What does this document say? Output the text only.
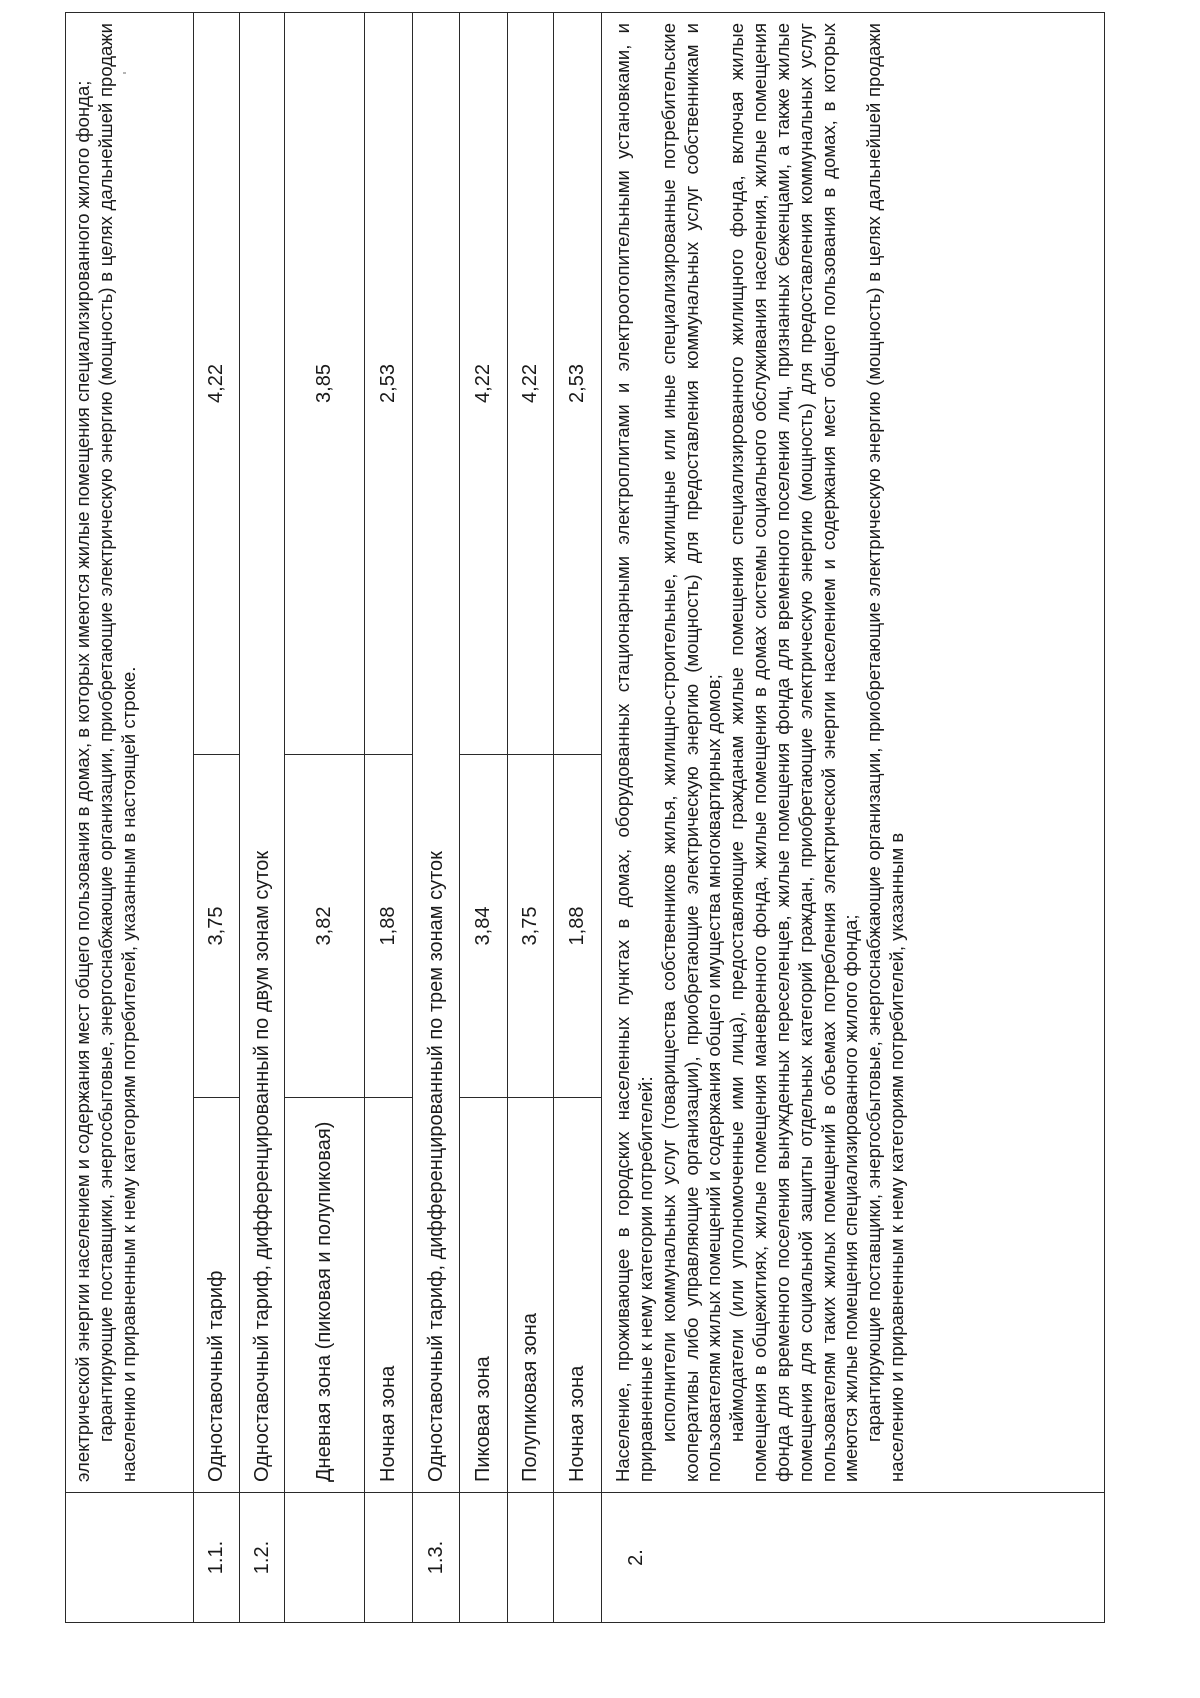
	электрической энергии населением и содержания мест общего пользования в домах, в которых имеются жилые помещения специализированного жилого фонда; гарантирующие поставщики, энергосбытовые, энергоснабжающие организации, приобретающие электрическую энергию (мощность) в целях дальнейшей продажи населению и приравненным к нему категориям потребителей, указанным в настоящей строке.		

1.1.	Одноставочный тариф	3,75	4,22
1.2.	Одноставочный тариф, дифференцированный по двум зонам суток		
	Дневная зона (пиковая и полупиковая)	3,82	3,85
	Ночная зона	1,88	2,53
1.3.	Одноставочный тариф, дифференцированный по трем зонам суток		
	Пиковая зона	3,84	4,22
	Полупиковая зона	3,75	4,22
	Ночная зона	1,88	2,53
2.	Население, проживающее в городских населенных пунктах в домах, оборудованных стационарными электроплитами и электроотопительными установками, и приравненные к нему категории потребителей: исполнители коммунальных услуг (товарищества собственников жилья, жилищно-строительные, жилищные или иные специализированные потребительские кооперативы либо управляющие организации), приобретающие электрическую энергию (мощность) для предоставления коммунальных услуг собственникам и пользователям жилых помещений и содержания общего имущества многоквартирных домов; наймодатели (или уполномоченные ими лица), предоставляющие гражданам жилые помещения специализированного жилищного фонда, включая жилые помещения в общежитиях, жилые помещения маневренного фонда, жилые помещения в домах системы социального обслуживания населения, жилые помещения фонда для временного поселения вынужденных переселенцев, жилые помещения фонда для временного поселения лиц, признанных беженцами, а также жилые помещения для социальной защиты отдельных категорий граждан, приобретающие электрическую энергию (мощность) для предоставления коммунальных услуг пользователям таких жилых помещений в объемах потребления электрической энергии населением и содержания мест общего пользования в домах, в которых имеются жилые помещения специализированного жилого фонда; гарантирующие поставщики, энергосбытовые, энергоснабжающие организации, приобретающие электрическую энергию (мощность) в целях дальнейшей продажи населению и приравненным к нему категориям потребителей, указанным в		
